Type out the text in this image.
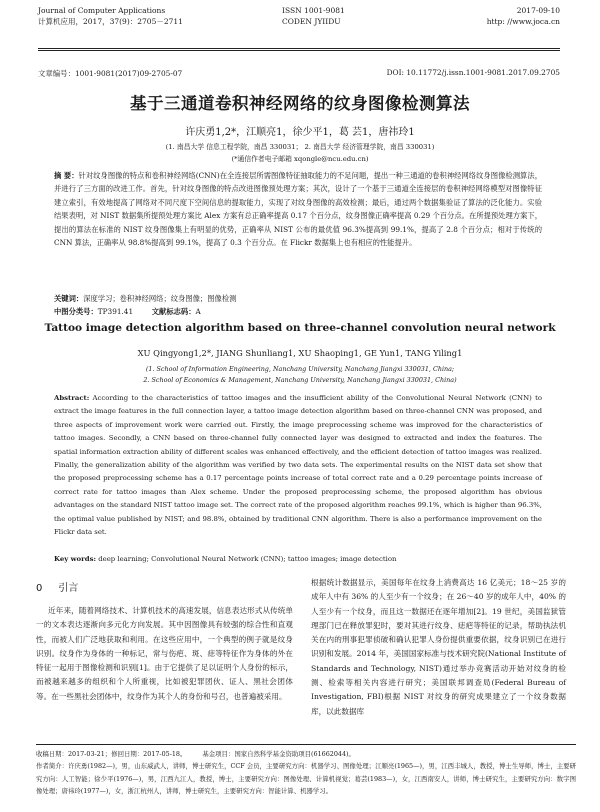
Journal of Computer Applications
计算机应用，2017，37(9)：2705－2711
ISSN 1001-9081
CODEN JYIIDU
2017-09-10
http: //www.joca.cn
文章编号：1001-9081(2017)09-2705-07	DOI: 10.11772/j.issn.1001-9081.2017.09.2705
基于三通道卷积神经网络的纹身图像检测算法
许庆勇1,2*，江顺亮1，徐少平1，葛 芸1，唐祎玲1
(1. 南昌大学 信息工程学院，南昌 330031； 2. 南昌大学 经济管理学院，南昌 330031)
(*通信作者电子邮箱 xqongle@ncu.edu.cn)
摘 要：针对纹身图像的特点和卷积神经网络(CNN)在全连接层所需图像特征抽取能力的不足问题，提出一种三通道的卷积神经网络纹身图像检测算法，并进行了三方面的改进工作。首先，针对纹身图像的特点改进图像预处理方案；其次，设计了一个基于三通道全连接层的卷积神经网络模型对图像特征建立索引，有效地提高了网络对不同尺度下空间信息的提取能力，实现了对纹身图像的高效检测；最后，通过两个数据集验证了算法的泛化能力。实验结果表明，对 NIST 数据集所提预处理方案比 Alex 方案有总正确率提高 0.17 个百分点，纹身图像正确率提高 0.29 个百分点。在所提预处理方案下，提出的算法在标准的 NIST 纹身图像集上有明显的优势，正确率从 NIST 公布的最优值 96.3%提高到 99.1%，提高了 2.8 个百分点；相对于传统的 CNN 算法，正确率从 98.8%提高到 99.1%，提高了 0.3 个百分点。在 Flickr 数据集上也有相应的性能提升。
关键词：深度学习；卷积神经网络；纹身图像；图像检测
中图分类号：TP391.41	文献标志码：A
Tattoo image detection algorithm based on three-channel convolution neural network
XU Qingyong1,2*, JIANG Shunliang1, XU Shaoping1, GE Yun1, TANG Yiling1
(1. School of Information Engineering, Nanchang University, Nanchang Jiangxi 330031, China;
2. School of Economics & Management, Nanchang University, Nanchang Jiangxi 330031, China)
Abstract: According to the characteristics of tattoo images and the insufficient ability of the Convolutional Neural Network (CNN) to extract the image features in the full connection layer, a tattoo image detection algorithm based on three-channel CNN was proposed, and three aspects of improvement work were carried out. Firstly, the image preprocessing scheme was improved for the characteristics of tattoo images. Secondly, a CNN based on three-channel fully connected layer was designed to extracted and index the features. The spatial information extraction ability of different scales was enhanced effectively, and the efficient detection of tattoo images was realized. Finally, the generalization ability of the algorithm was verified by two data sets. The experimental results on the NIST data set show that the proposed preprocessing scheme has a 0.17 percentage points increase of total correct rate and a 0.29 percentage points increase of correct rate for tattoo images than Alex scheme. Under the proposed preprocessing scheme, the proposed algorithm has obvious advantages on the standard NIST tattoo image set. The correct rate of the proposed algorithm reaches 99.1%, which is higher than 96.3%, the optimal value published by NIST; and 98.8%, obtained by traditional CNN algorithm. There is also a performance improvement on the Flickr data set.
Key words: deep learning; Convolutional Neural Network (CNN); tattoo images; image detection
0 引言
近年来，随着网络技术、计算机技术的高速发展，信息表达形式从传统单一的文本表达逐渐向多元化方向发展。其中因图像具有较强的综合性和直观性，而被人们广泛地获取和利用。在这些应用中，一个典型的例子就是纹身识别。纹身作为身体的一种标记，常与伤疤、斑、痣等特征作为身体的外在特征一起用于图像检测和识别[1]。由于它提供了足以证明个人身份的标示，而被越来越多的组织和个人所重视，比如被犯罪团伙、证人、黑社会团体等。在一些黑社会团体中，纹身作为其个人的身份和号召，也普遍被采用。
根据统计数据显示，美国每年在纹身上消费高达 16 亿美元；18～25 岁的成年人中有 36% 的人至少有一个纹身；在 26～40 岁的成年人中，40% 的人至少有一个纹身，而且这一数据还在逐年增加[2]。19 世纪，美国监狱管理部门已在释放罪犯时，要对其进行纹身、痣疤等特征的记录，帮助执法机关在内的刑事犯罪侦破和确认犯罪人身份提供重要依据，纹身识别已在进行识别和发展。2014 年，美国国家标准与技术研究院(National Institute of Standards and Technology, NIST)通过举办竞赛活动开始对纹身的检测、检索等相关内容进行研究；美国联邦调查局(Federal Bureau of Investigation, FBI)根据 NIST 对纹身的研究成果建立了一个纹身数据库，以此数据库
收稿日期：2017-03-21；修回日期：2017-05-18。	基金项目：国家自然科学基金资助项目(61662044)。
作者简介：许庆勇(1982—)，男，山东威武人，讲师，博士研究生，CCF 会员，主要研究方向：机器学习、图像处理；江顺亮(1965—)，男，江西丰城人，教授，博士生导师，博士，主要研究方向：人工智能；徐少平(1976—)，男，江西九江人，教授，博士，主要研究方向：图像处理、计算机视觉；葛芸(1983—)，女，江西南安人，讲师，博士研究生，主要研究方向：数字图像处理；唐祎玲(1977—)，女，浙江杭州人，讲师，博士研究生，主要研究方向：智能计算、机器学习。
